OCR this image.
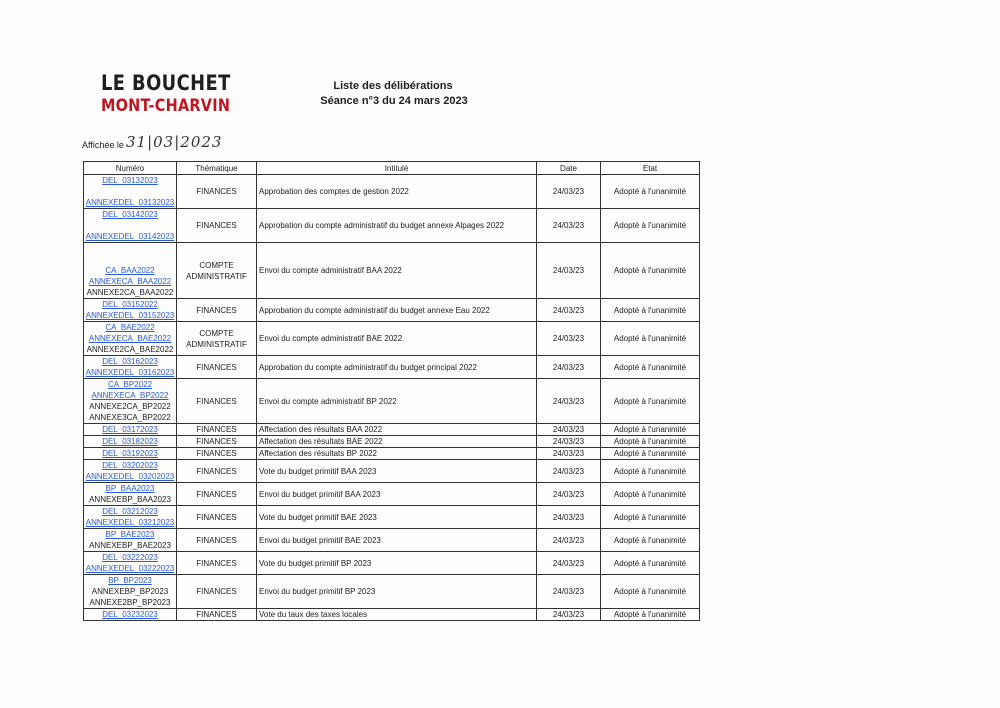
LE BOUCHET
MONT-CHARVIN
Liste des délibérations
Séance n°3 du 24 mars 2023
Affichée le 31|03|2023
Numéro	Thématique	Intitulé	Date	Etat

DEL_03132023
ANNEXEDEL_03132023	FINANCES	Approbation des comptes de gestion 2022	24/03/23	Adopté à l'unanimité

DEL_03142023
ANNEXEDEL_03142023	FINANCES	Approbation du compte administratif du budget annexe Alpages 2022	24/03/23	Adopté à l'unanimité

CA_BAA2022
ANNEXECA_BAA2022
ANNEXE2CA_BAA2022	COMPTE ADMINISTRATIF	Envoi du compte administratif BAA 2022	24/03/23	Adopté à l'unanimité

DEL_03152022
ANNEXEDEL_03152023	FINANCES	Approbation du compte administratif du budget annexe Eau 2022	24/03/23	Adopté à l'unanimité

CA_BAE2022
ANNEXECA_BAE2022
ANNEXE2CA_BAE2022	COMPTE ADMINISTRATIF	Envoi du compte administratif BAE 2022	24/03/23	Adopté à l'unanimité

DEL_03162023
ANNEXEDEL_03162023	FINANCES	Approbation du compte administratif du budget principal 2022	24/03/23	Adopté à l'unanimité

CA_BP2022
ANNEXECA_BP2022
ANNEXE2CA_BP2022
ANNEXE3CA_BP2022	FINANCES	Envoi du compte administratif BP 2022	24/03/23	Adopté à l'unanimité

DEL_03172023	FINANCES	Affectation des résultats BAA 2022	24/03/23	Adopté à l'unanimité

DEL_03182023	FINANCES	Affectation des résultats BAE 2022	24/03/23	Adopté à l'unanimité

DEL_03192023	FINANCES	Affectation des résultats BP 2022	24/03/23	Adopté à l'unanimité

DEL_03202023
ANNEXEDEL_03202023	FINANCES	Vote du budget primitif BAA 2023	24/03/23	Adopté à l'unanimité

BP_BAA2023
ANNEXEBP_BAA2023	FINANCES	Envoi du budget primitif BAA 2023	24/03/23	Adopté à l'unanimité

DEL_03212023
ANNEXEDEL_03212023	FINANCES	Vote du budget primitif BAE 2023	24/03/23	Adopté à l'unanimité

BP_BAE2023
ANNEXEBP_BAE2023	FINANCES	Envoi du budget primitif BAE 2023	24/03/23	Adopté à l'unanimité

DEL_03222023
ANNEXEDEL_03222023	FINANCES	Vote du budget primitif BP 2023	24/03/23	Adopté à l'unanimité

BP_BP2023
ANNEXEBP_BP2023
ANNEXE2BP_BP2023	FINANCES	Envoi du budget primitif BP 2023	24/03/23	Adopté à l'unanimité

DEL_03232023	FINANCES	Vote du taux des taxes locales	24/03/23	Adopté à l'unanimité
